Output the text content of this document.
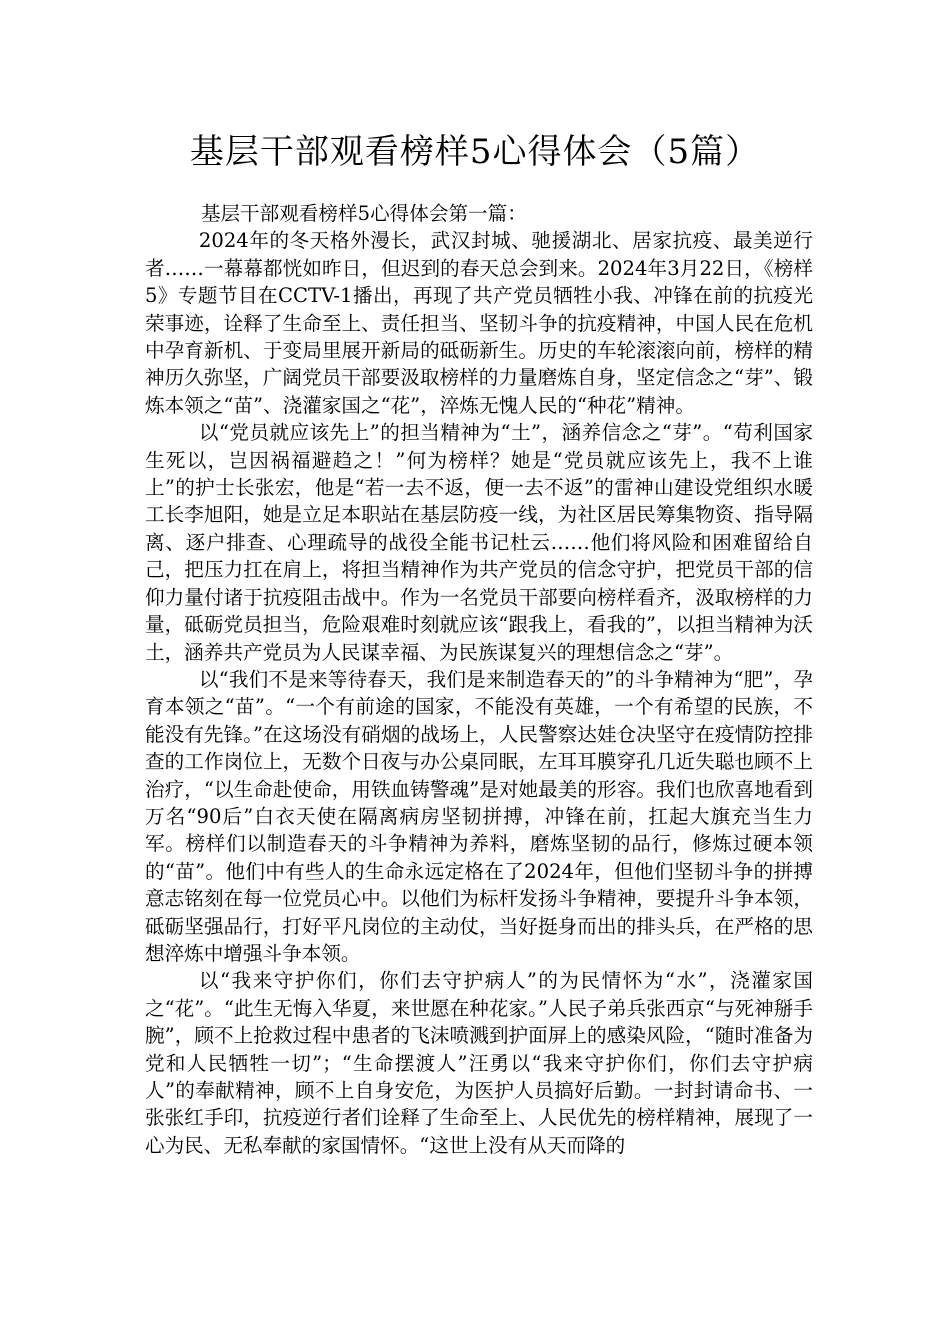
基层干部观看榜样5心得体会（5篇）

基层干部观看榜样5心得体会第一篇：

2024年的冬天格外漫长，武汉封城、驰援湖北、居家抗疫、最美逆行者……一幕幕都恍如昨日，但迟到的春天总会到来。2024年3月22日，《榜样5》专题节目在CCTV-1播出，再现了共产党员牺牲小我、冲锋在前的抗疫光荣事迹，诠释了生命至上、责任担当、坚韧斗争的抗疫精神，中国人民在危机中孕育新机、于变局里展开新局的砥砺新生。历史的车轮滚滚向前，榜样的精神历久弥坚，广阔党员干部要汲取榜样的力量磨炼自身，坚定信念之“芽”、锻炼本领之“苗”、浇灌家国之“花”，淬炼无愧人民的“种花”精神。

以“党员就应该先上”的担当精神为“土”，涵养信念之“芽”。“苟利国家生死以，岂因祸福避趋之！”何为榜样？她是“党员就应该先上，我不上谁上”的护士长张宏，他是“若一去不返，便一去不返”的雷神山建设党组织水暖工长李旭阳，她是立足本职站在基层防疫一线，为社区居民筹集物资、指导隔离、逐户排查、心理疏导的战役全能书记杜云……他们将风险和困难留给自己，把压力扛在肩上，将担当精神作为共产党员的信念守护，把党员干部的信仰力量付诸于抗疫阻击战中。作为一名党员干部要向榜样看齐，汲取榜样的力量，砥砺党员担当，危险艰难时刻就应该“跟我上，看我的”，以担当精神为沃土，涵养共产党员为人民谋幸福、为民族谋复兴的理想信念之“芽”。

以“我们不是来等待春天，我们是来制造春天的”的斗争精神为“肥”，孕育本领之“苗”。“一个有前途的国家，不能没有英雄，一个有希望的民族，不能没有先锋。”在这场没有硝烟的战场上，人民警察达娃仓决坚守在疫情防控排查的工作岗位上，无数个日夜与办公桌同眠，左耳耳膜穿孔几近失聪也顾不上治疗，“以生命赴使命，用铁血铸警魂”是对她最美的形容。我们也欣喜地看到万名“90后”白衣天使在隔离病房坚韧拼搏，冲锋在前，扛起大旗充当生力军。榜样们以制造春天的斗争精神为养料，磨炼坚韧的品行，修炼过硬本领的“苗”。他们中有些人的生命永远定格在了2024年，但他们坚韧斗争的拼搏意志铭刻在每一位党员心中。以他们为标杆发扬斗争精神，要提升斗争本领，砥砺坚强品行，打好平凡岗位的主动仗，当好挺身而出的排头兵，在严格的思想淬炼中增强斗争本领。

以“我来守护你们，你们去守护病人”的为民情怀为“水”，浇灌家国之“花”。“此生无悔入华夏，来世愿在种花家。”人民子弟兵张西京“与死神掰手腕”，顾不上抢救过程中患者的飞沫喷溅到护面屏上的感染风险，“随时准备为党和人民牺牲一切”；“生命摆渡人”汪勇以“我来守护你们，你们去守护病人”的奉献精神，顾不上自身安危，为医护人员搞好后勤。一封封请命书、一张张红手印，抗疫逆行者们诠释了生命至上、人民优先的榜样精神，展现了一心为民、无私奉献的家国情怀。“这世上没有从天而降的
